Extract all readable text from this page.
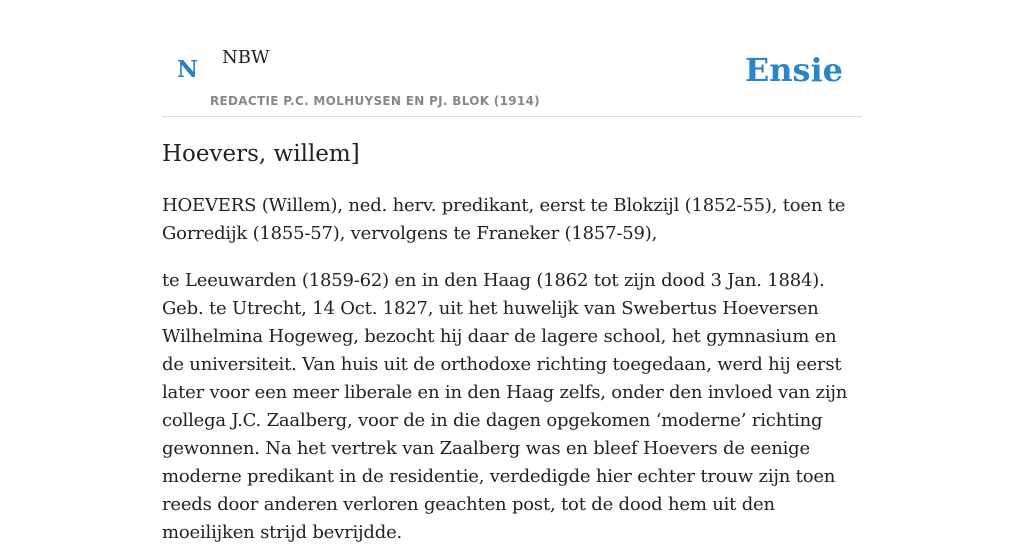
N NBW
REDACTIE P.C. MOLHUYSEN EN PJ. BLOK (1914)
Ensie
Hoevers, willem]

HOEVERS (Willem), ned. herv. predikant, eerst te Blokzijl (1852-55), toen te Gorredijk (1855-57), vervolgens te Franeker (1857-59),

te Leeuwarden (1859-62) en in den Haag (1862 tot zijn dood 3 Jan. 1884). Geb. te Utrecht, 14 Oct. 1827, uit het huwelijk van Swebertus Hoeversen Wilhelmina Hogeweg, bezocht hij daar de lagere school, het gymnasium en de universiteit. Van huis uit de orthodoxe richting toegedaan, werd hij eerst later voor een meer liberale en in den Haag zelfs, onder den invloed van zijn collega J.C. Zaalberg, voor de in die dagen opgekomen ‘moderne’ richting gewonnen. Na het vertrek van Zaalberg was en bleef Hoevers de eenige moderne predikant in de residentie, verdedigde hier echter trouw zijn toen reeds door anderen verloren geachten post, tot de dood hem uit den moeilijken strijd bevrijdde.
